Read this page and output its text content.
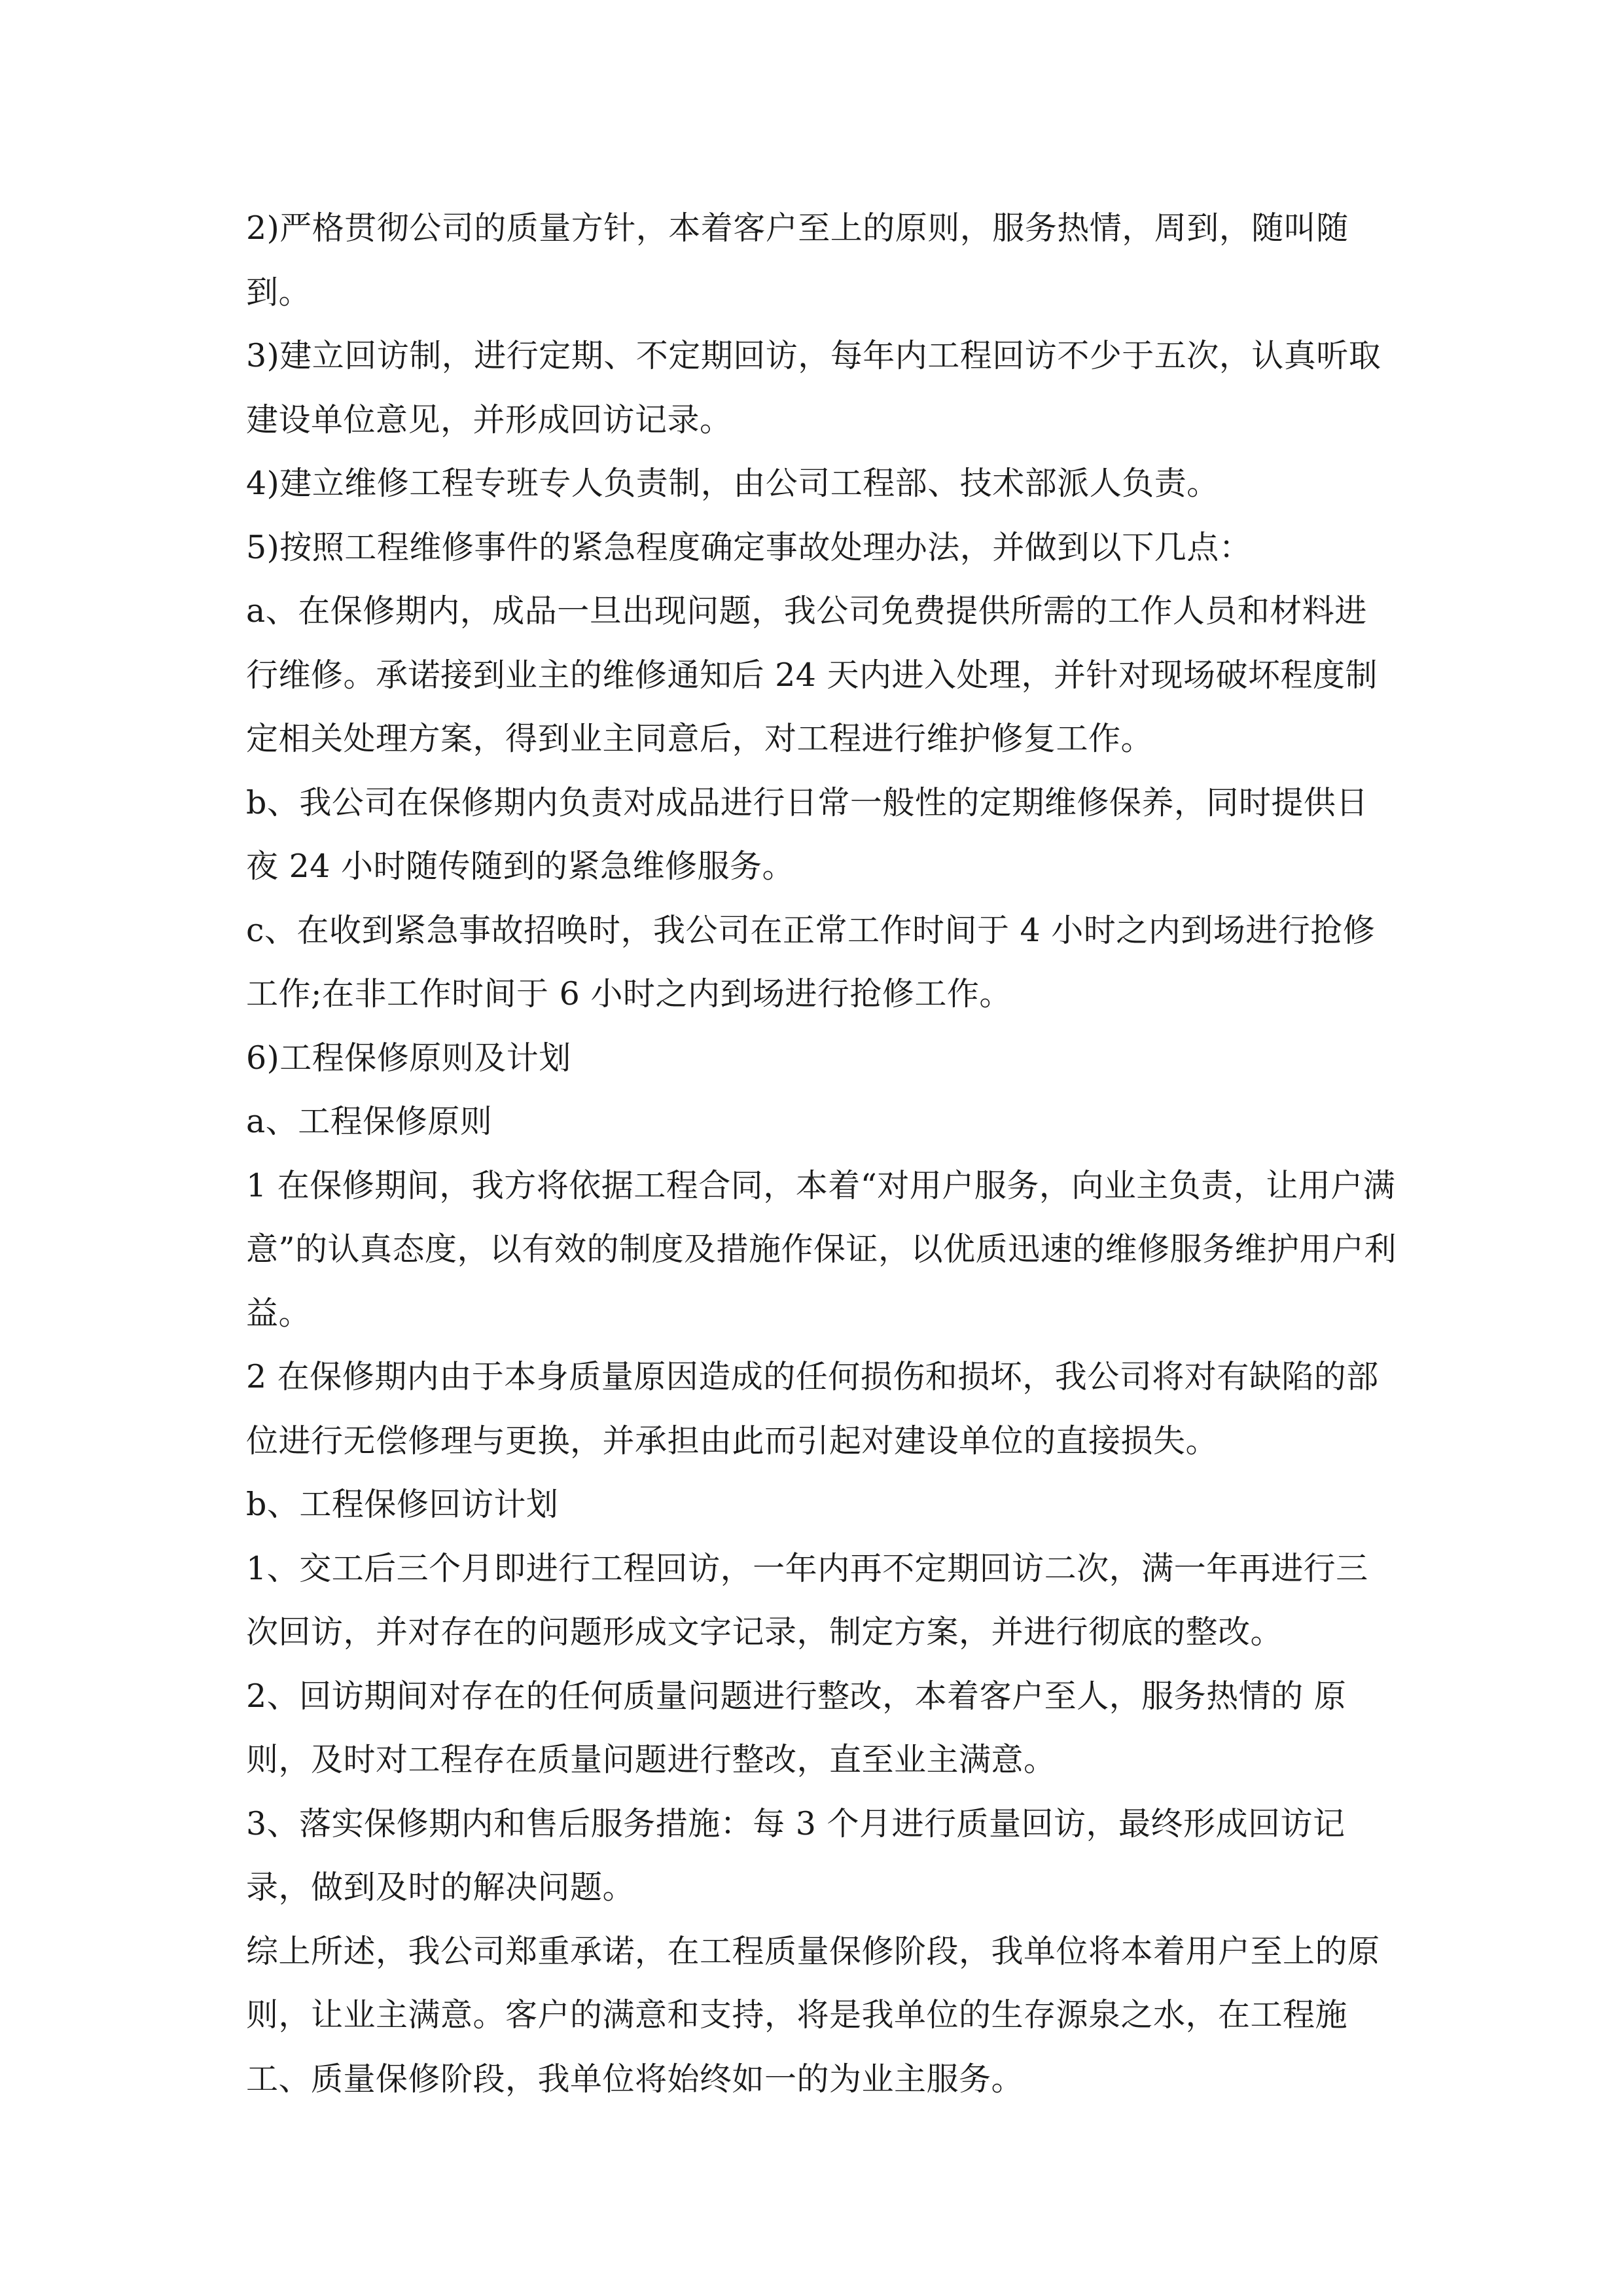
2)严格贯彻公司的质量方针，本着客户至上的原则，服务热情，周到，随叫随到。

3)建立回访制，进行定期、不定期回访，每年内工程回访不少于五次，认真听取建设单位意见，并形成回访记录。

4)建立维修工程专班专人负责制，由公司工程部、技术部派人负责。

5)按照工程维修事件的紧急程度确定事故处理办法，并做到以下几点：

a、在保修期内，成品一旦出现问题，我公司免费提供所需的工作人员和材料进行维修。承诺接到业主的维修通知后 24 天内进入处理，并针对现场破坏程度制定相关处理方案，得到业主同意后，对工程进行维护修复工作。

b、我公司在保修期内负责对成品进行日常一般性的定期维修保养，同时提供日夜 24 小时随传随到的紧急维修服务。

c、在收到紧急事故招唤时，我公司在正常工作时间于 4 小时之内到场进行抢修工作;在非工作时间于 6 小时之内到场进行抢修工作。

6)工程保修原则及计划

a、工程保修原则

1 在保修期间，我方将依据工程合同，本着“对用户服务，向业主负责，让用户满意”的认真态度，以有效的制度及措施作保证，以优质迅速的维修服务维护用户利益。

2 在保修期内由于本身质量原因造成的任何损伤和损坏，我公司将对有缺陷的部位进行无偿修理与更换，并承担由此而引起对建设单位的直接损失。

b、工程保修回访计划

1、交工后三个月即进行工程回访，一年内再不定期回访二次，满一年再进行三次回访，并对存在的问题形成文字记录，制定方案，并进行彻底的整改。

2、回访期间对存在的任何质量问题进行整改，本着客户至人，服务热情的 原则，及时对工程存在质量问题进行整改，直至业主满意。

3、落实保修期内和售后服务措施：每 3 个月进行质量回访，最终形成回访记录，做到及时的解决问题。

综上所述，我公司郑重承诺，在工程质量保修阶段，我单位将本着用户至上的原则，让业主满意。客户的满意和支持，将是我单位的生存源泉之水，在工程施工、质量保修阶段，我单位将始终如一的为业主服务。
